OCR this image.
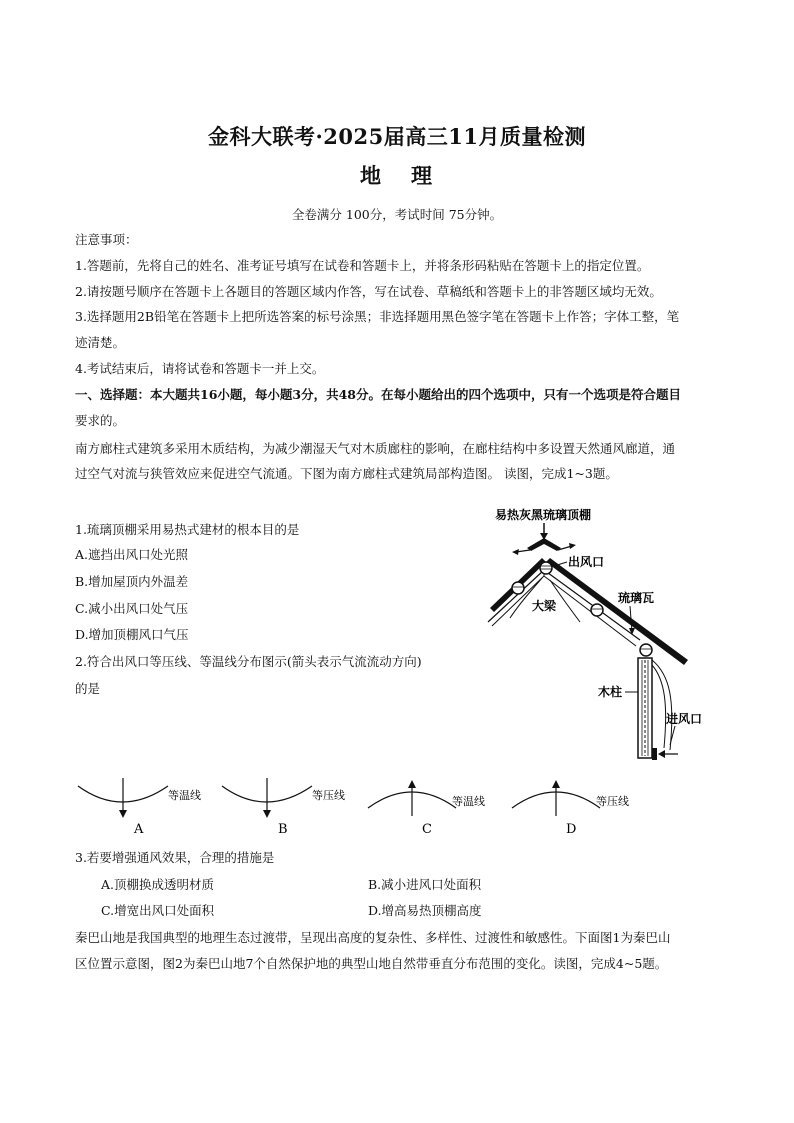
金科大联考·2025届高三11月质量检测
地 理
全卷满分 100分，考试时间 75分钟。
注意事项：
1.答题前，先将自己的姓名、准考证号填写在试卷和答题卡上，并将条形码粘贴在答题卡上的指定位置。
2.请按题号顺序在答题卡上各题目的答题区域内作答，写在试卷、草稿纸和答题卡上的非答题区域均无效。
3.选择题用2B铅笔在答题卡上把所选答案的标号涂黑；非选择题用黑色签字笔在答题卡上作答；字体工整，笔
迹清楚。
4.考试结束后，请将试卷和答题卡一并上交。
一、选择题：本大题共16小题，每小题3分，共48分。在每小题给出的四个选项中，只有一个选项是符合题目
要求的。
南方廊柱式建筑多采用木质结构，为减少潮湿天气对木质廊柱的影响，在廊柱结构中多设置天然通风廊道，通
过空气对流与狭管效应来促进空气流通。下图为南方廊柱式建筑局部构造图。 读图，完成1~3题。
1.琉璃顶棚采用易热式建材的根本目的是
A.遮挡出风口处光照
B.增加屋顶内外温差
C.减小出风口处气压
D.增加顶棚风口气压
2.符合出风口等压线、等温线分布图示(箭头表示气流流动方向)
的是
易热灰黑琉璃顶棚
出风口
琉璃瓦
大梁
木柱
进风口
等温线
A
等压线
B
等温线
C
等压线
D
3.若要增强通风效果，合理的措施是
A.顶棚换成透明材质	B.减小进风口处面积
C.增宽出风口处面积	D.增高易热顶棚高度
秦巴山地是我国典型的地理生态过渡带，呈现出高度的复杂性、多样性、过渡性和敏感性。下面图1为秦巴山
区位置示意图，图2为秦巴山地7个自然保护地的典型山地自然带垂直分布范围的变化。读图，完成4~5题。
